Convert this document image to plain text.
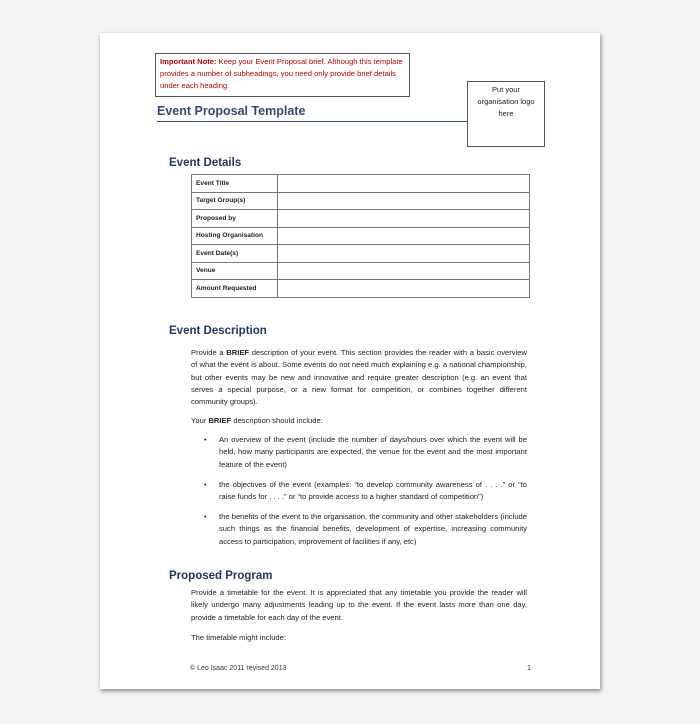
Important Note: Keep your Event Proposal brief. Although this template provides a number of subheadings, you need only provide brief details under each heading.	Put your
organisation logo
here
Event Proposal Template
Event Details
Event Title	
Target Group(s)	
Proposed by	
Hosting Organisation	
Event Date(s)	
Venue	
Amount Requested	
Event Description
Provide a BRIEF description of your event. This section provides the reader with a basic overview of what the event is about. Some events do not need much explaining e.g. a national championship, but other events may be new and innovative and require greater description (e.g. an event that serves a special purpose, or a new format for competition, or combines together different community groups).
Your BRIEF description should include:
• An overview of the event (include the number of days/hours over which the event will be held, how many participants are expected, the venue for the event and the most important feature of the event)
• the objectives of the event (examples: “to develop community awareness of . . . .” or “to raise funds for . . . .” or “to provide access to a higher standard of competition”)
• the benefits of the event to the organisation, the community and other stakeholders (include such things as the financial benefits, development of expertise, increasing community access to participation, improvement of facilities if any, etc)
Proposed Program
Provide a timetable for the event. It is appreciated that any timetable you provide the reader will likely undergo many adjustments leading up to the event. If the event lasts more than one day, provide a timetable for each day of the event.
The timetable might include:
© Leo Isaac 2011 revised 2013	1
